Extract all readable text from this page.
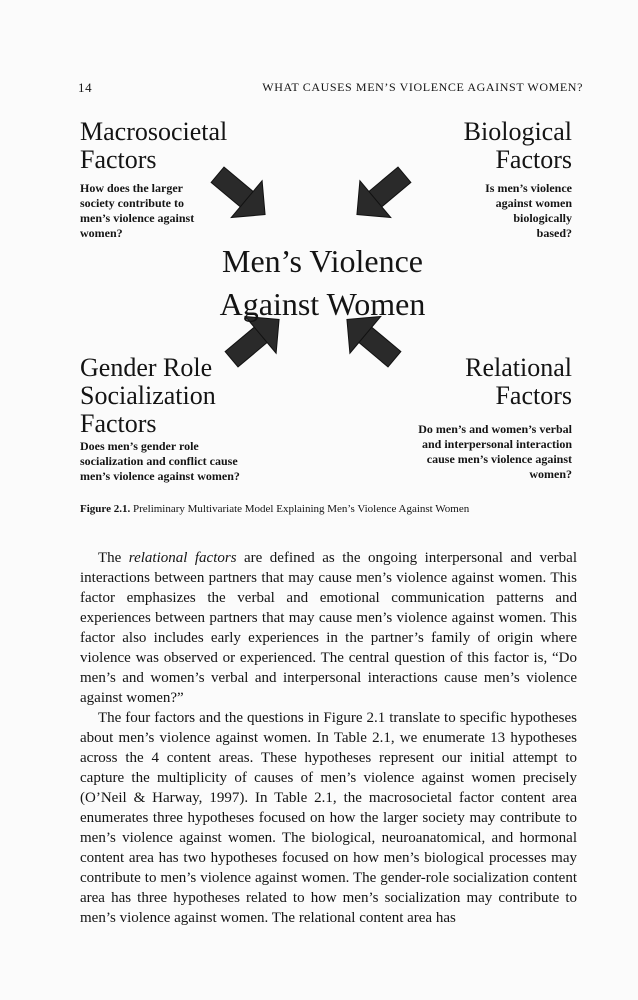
14	WHAT CAUSES MEN’S VIOLENCE AGAINST WOMEN?
Macrosocietal
Factors
How does the larger
society contribute to
men’s violence against
women?
Biological
Factors
Is men’s violence
against women
biologically
based?
Men’s Violence
Against Women
Gender Role
Socialization
Factors
Does men’s gender role
socialization and conflict cause
men’s violence against women?
Relational
Factors
Do men’s and women’s verbal
and interpersonal interaction
cause men’s violence against
women?
Figure 2.1. Preliminary Multivariate Model Explaining Men’s Violence Against Women

The relational factors are defined as the ongoing interpersonal and verbal interactions between partners that may cause men’s violence against women. This factor emphasizes the verbal and emotional communication patterns and experiences between partners that may cause men’s violence against women. This factor also includes early experiences in the partner’s family of origin where violence was observed or experienced. The central question of this factor is, “Do men’s and women’s verbal and interpersonal interactions cause men’s violence against women?”

The four factors and the questions in Figure 2.1 translate to specific hypotheses about men’s violence against women. In Table 2.1, we enumerate 13 hypotheses across the 4 content areas. These hypotheses represent our initial attempt to capture the multiplicity of causes of men’s violence against women precisely (O’Neil & Harway, 1997). In Table 2.1, the macrosocietal factor content area enumerates three hypotheses focused on how the larger society may contribute to men’s violence against women. The biological, neuroanatomical, and hormonal content area has two hypotheses focused on how men’s biological processes may contribute to men’s violence against women. The gender-role socialization content area has three hypotheses related to how men’s socialization may contribute to men’s violence against women. The relational content area has
